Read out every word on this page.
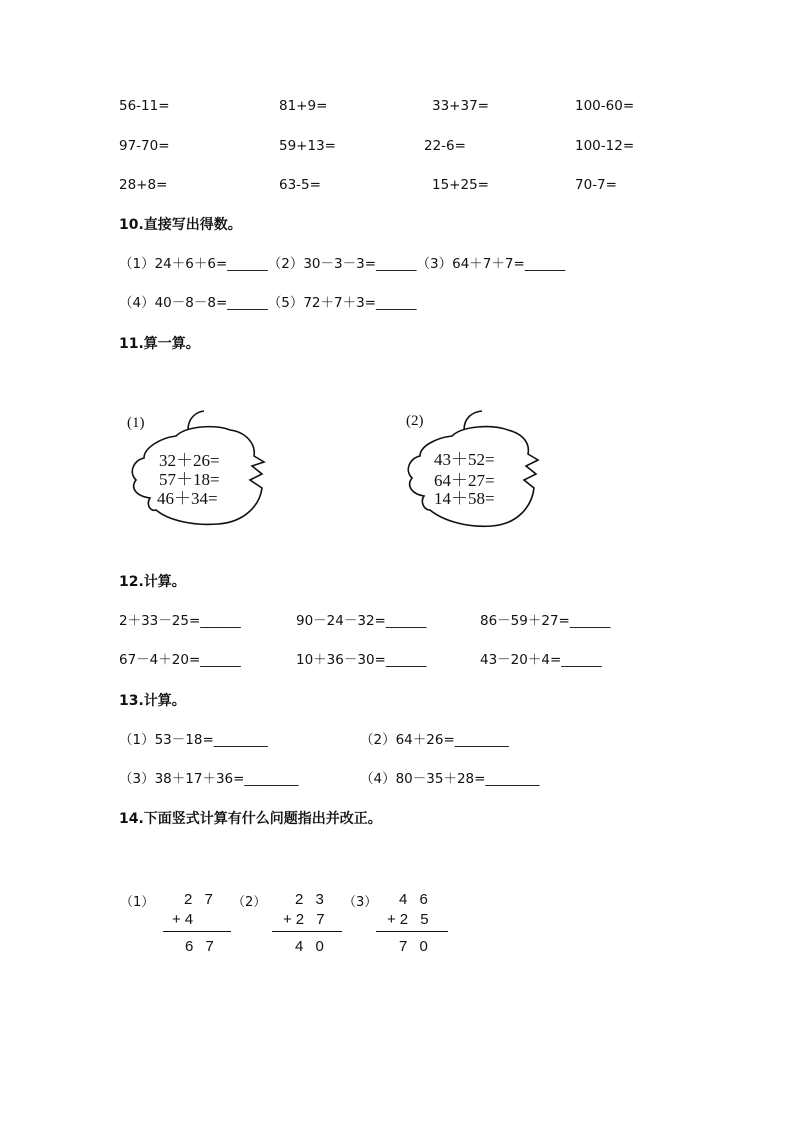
56-11=	81+9=	33+37=	100-60=
97-70=	59+13=	22-6=	100-12=
28+8=	63-5=	15+25=	70-7=
10.直接写出得数。
（1）24＋6＋6=______（2）30－3－3=______（3）64＋7＋7=______
（4）40－8－8=______（5）72＋7＋3=______
11.算一算。
(1)
32＋26=
57＋18=
46＋34=
(2)
43＋52=
64＋27=
14＋58=
12.计算。
2＋33－25=______	90－24－32=______	86－59＋27=______
67－4＋20=______	10＋36－30=______	43－20＋4=______
13.计算。
（1）53－18=________	（2）64＋26=________
（3）38＋17＋36=________	（4）80－35＋28=________
14.下面竖式计算有什么问题指出并改正。
（1） 2 7
+4
6 7
（2） 2 3
+2 7
4 0
（3） 4 6
+2 5
7 0
